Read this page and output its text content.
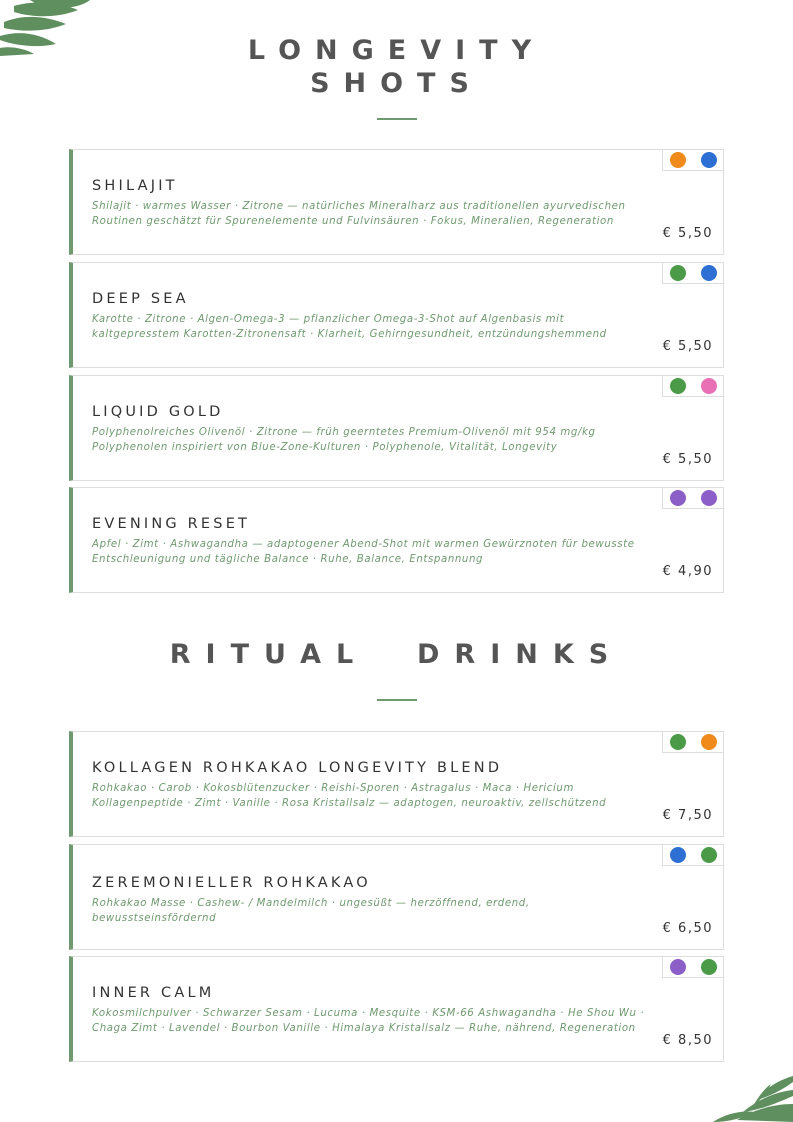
LONGEVITY
SHOTS
SHILAJIT

Shilajit · warmes Wasser · Zitrone — natürliches Mineralharz aus traditionellen ayurvedischen Routinen geschätzt für Spurenelemente und Fulvinsäuren · Fokus, Mineralien, Regeneration

€ 5,50
DEEP SEA

Karotte · Zitrone · Algen-Omega-3 — pflanzlicher Omega-3-Shot auf Algenbasis mit kaltgepresstem Karotten-Zitronensaft · Klarheit, Gehirngesundheit, entzündungshemmend

€ 5,50
LIQUID GOLD

Polyphenolreiches Olivenöl · Zitrone — früh geerntetes Premium-Olivenöl mit 954 mg/kg Polyphenolen inspiriert von Blue-Zone-Kulturen · Polyphenole, Vitalität, Longevity

€ 5,50
EVENING RESET

Apfel · Zimt · Ashwagandha — adaptogener Abend-Shot mit warmen Gewürznoten für bewusste Entschleunigung und tägliche Balance · Ruhe, Balance, Entspannung

€ 4,90
RITUAL  DRINKS
KOLLAGEN ROHKAKAO LONGEVITY BLEND

Rohkakao · Carob · Kokosblütenzucker · Reishi-Sporen · Astragalus · Maca · Hericium Kollagenpeptide · Zimt · Vanille · Rosa Kristallsalz — adaptogen, neuroaktiv, zellschützend

€ 7,50
ZEREMONIELLER ROHKAKAO

Rohkakao Masse · Cashew- / Mandelmilch · ungesüßt — herzöffnend, erdend, bewusstseinsfördernd

€ 6,50
INNER CALM

Kokosmilchpulver · Schwarzer Sesam · Lucuma · Mesquite · KSM-66 Ashwagandha · He Shou Wu · Chaga Zimt · Lavendel · Bourbon Vanille · Himalaya Kristallsalz — Ruhe, nährend, Regeneration

€ 8,50
